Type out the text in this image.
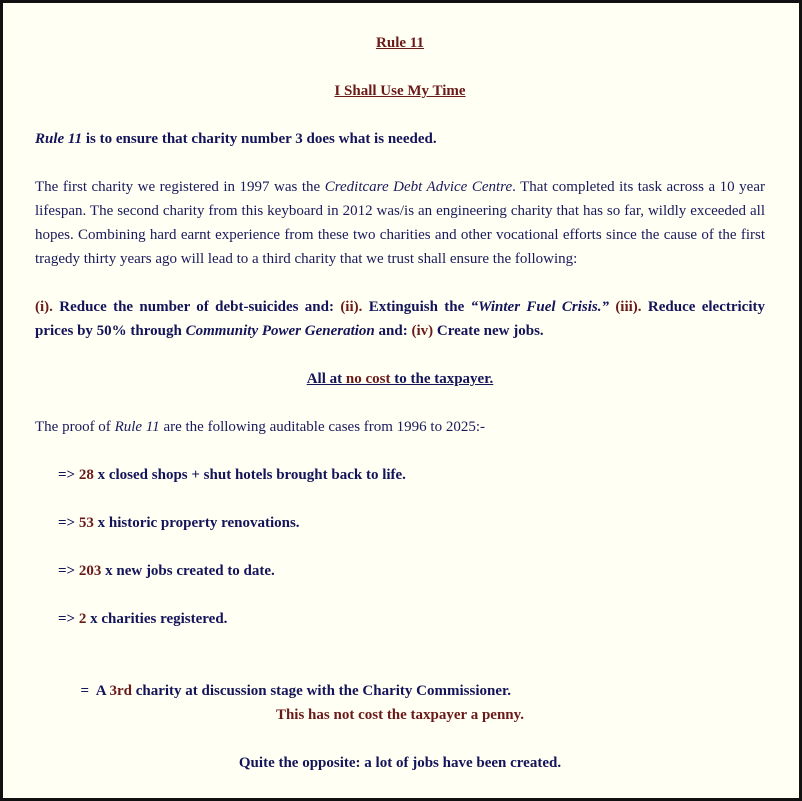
Rule 11
I Shall Use My Time
Rule 11 is to ensure that charity number 3 does what is needed.
The first charity we registered in 1997 was the Creditcare Debt Advice Centre. That completed its task across a 10 year lifespan. The second charity from this keyboard in 2012 was/is an engineering charity that has so far, wildly exceeded all hopes. Combining hard earnt experience from these two charities and other vocational efforts since the cause of the first tragedy thirty years ago will lead to a third charity that we trust shall ensure the following:
(i). Reduce the number of debt-suicides and: (ii). Extinguish the “Winter Fuel Crisis.” (iii). Reduce electricity prices by 50% through Community Power Generation and: (iv) Create new jobs.
All at no cost to the taxpayer.
The proof of Rule 11 are the following auditable cases from 1996 to 2025:-
=> 28 x closed shops + shut hotels brought back to life.
=> 53 x historic property renovations.
=> 203 x new jobs created to date.
=> 2 x charities registered.

=  A 3rd charity at discussion stage with the Charity Commissioner.

This has not cost the taxpayer a penny.
Quite the opposite: a lot of jobs have been created.
